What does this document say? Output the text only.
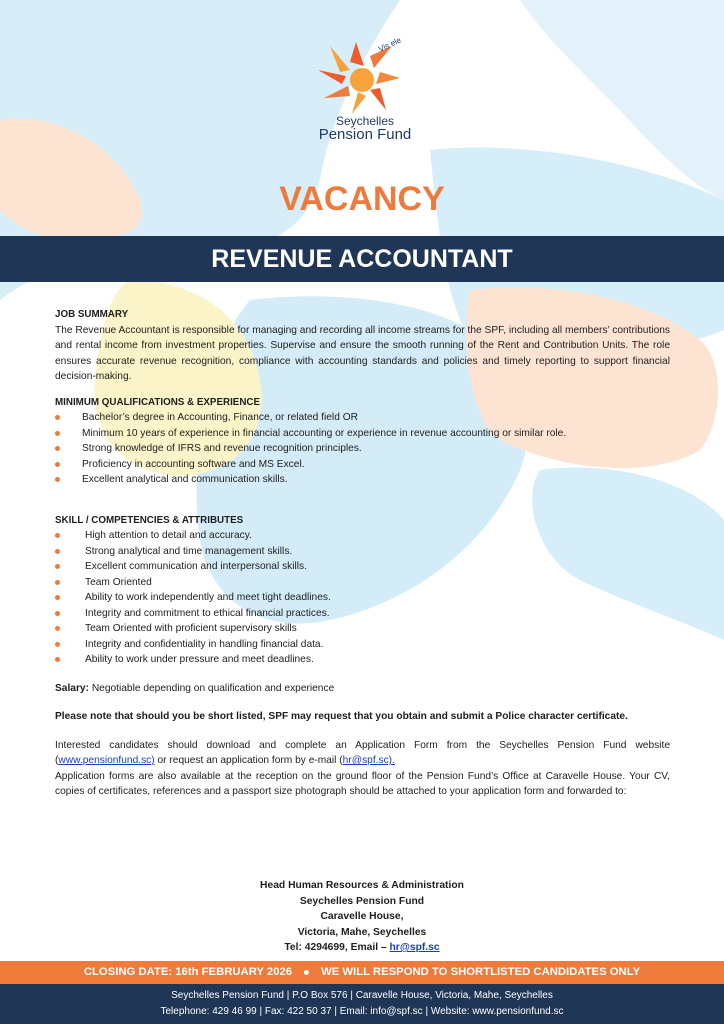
Vis ele
Seychelles
Pension Fund
VACANCY
REVENUE ACCOUNTANT

JOB SUMMARY

The Revenue Accountant is responsible for managing and recording all income streams for the SPF, including all members’ contributions and rental income from investment properties. Supervise and ensure the smooth running of the Rent and Contribution Units. The role ensures accurate revenue recognition, compliance with accounting standards and policies and timely reporting to support financial decision-making.

MINIMUM QUALIFICATIONS & EXPERIENCE

Bachelor’s degree in Accounting, Finance, or related field OR
Minimum 10 years of experience in financial accounting or experience in revenue accounting or similar role.
Strong knowledge of IFRS and revenue recognition principles.
Proficiency in accounting software and MS Excel.
Excellent analytical and communication skills.

SKILL / COMPETENCIES & ATTRIBUTES

High attention to detail and accuracy.
Strong analytical and time management skills.
Excellent communication and interpersonal skills.
Team Oriented
Ability to work independently and meet tight deadlines.
Integrity and commitment to ethical financial practices.
Team Oriented with proficient supervisory skills
Integrity and confidentiality in handling financial data.
Ability to work under pressure and meet deadlines.

Salary: Negotiable depending on qualification and experience

Please note that should you be short listed, SPF may request that you obtain and submit a Police character certificate.

Interested candidates should download and complete an Application Form from the Seychelles Pension Fund website (www.pensionfund.sc) or request an application form by e-mail (hr@spf.sc).

Application forms are also available at the reception on the ground floor of the Pension Fund’s Office at Caravelle House. Your CV, copies of certificates, references and a passport size photograph should be attached to your application form and forwarded to:

Head Human Resources & Administration
Seychelles Pension Fund
Caravelle House,
Victoria, Mahe, Seychelles
Tel: 4294699, Email – hr@spf.sc
CLOSING DATE: 16th FEBRUARY 2026	WE WILL RESPOND TO SHORTLISTED CANDIDATES ONLY
Seychelles Pension Fund | P.O Box 576 | Caravelle House, Victoria, Mahe, Seychelles
Telephone: 429 46 99 | Fax: 422 50 37 | Email: info@spf.sc | Website: www.pensionfund.sc
